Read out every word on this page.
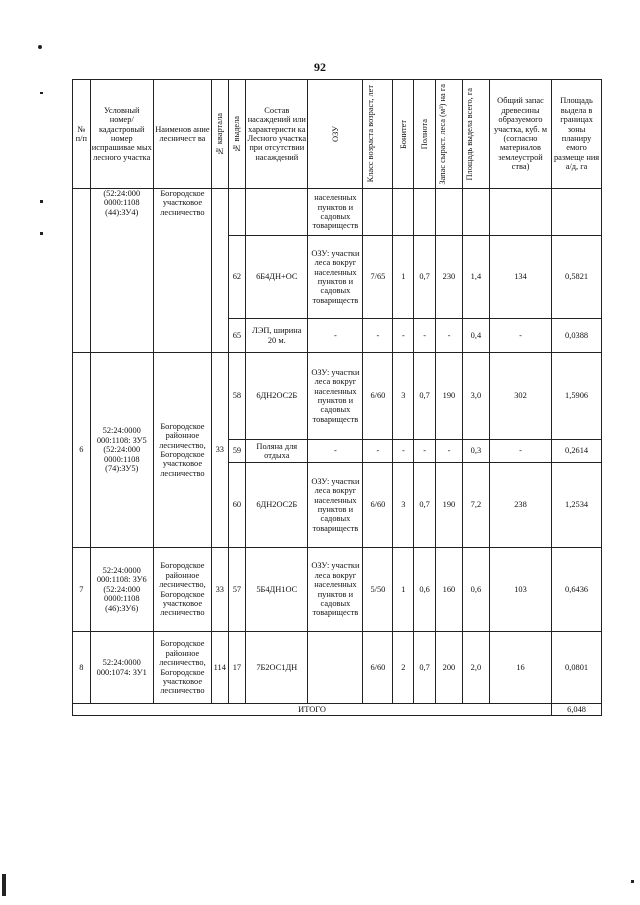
92
№ п/п	Условный номер/ кадастровый номер испрашивае мых лесного участка	Наименов ание лесничест ва	№ квартала	№ выдела	Состав насаждений или характеристи ка Лесного участка при отсутствии насаждений	ОЗУ	Класс возраста возраст, лет	Бонитет	Полнота	Запас сыраст. леса (м³) на га	Площадь выдела всего, га	Общий запас древесины образуемого участка, куб. м (согласно материалов землеустрой ства)	Площадь выдела в границах зоны планиру емого размеще ния а/д, га
	(52:24:000 0000:1108 (44):ЗУ4)	Богородское участковое лесничество				населенных пунктов и садовых товариществ							
				62	6Б4ДН+ОС	ОЗУ: участки леса вокруг населенных пунктов и садовых товариществ	7/65	1	0,7	230	1,4	134	0,5821
				65	ЛЭП, ширина 20 м.	-	-	-	-	-	0,4	-	0,0388
6	52:24:0000 000:1108: ЗУ5 (52:24:000 0000:1108 (74):ЗУ5)	Богородское районное лесничество, Богородское участковое лесничество	33	58	6ДН2ОС2Б	ОЗУ: участки леса вокруг населенных пунктов и садовых товариществ	6/60	3	0,7	190	3,0	302	1,5906
				59	Поляна для отдыха	-	-	-	-	-	0,3	-	0,2614
				60	6ДН2ОС2Б	ОЗУ: участки леса вокруг населенных пунктов и садовых товариществ	6/60	3	0,7	190	7,2	238	1,2534
7	52:24:0000 000:1108: ЗУ6 (52:24:000 0000:1108 (46):ЗУ6)	Богородское районное лесничество, Богородское участковое лесничество	33	57	5Б4ДН1ОС	ОЗУ: участки леса вокруг населенных пунктов и садовых товариществ	5/50	1	0,6	160	0,6	103	0,6436
8	52:24:0000 000:1074: ЗУ1	Богородское районное лесничество, Богородское участковое лесничество	114	17	7Б2ОС1ДН		6/60	2	0,7	200	2,0	16	0,0801
ИТОГО													6,048
